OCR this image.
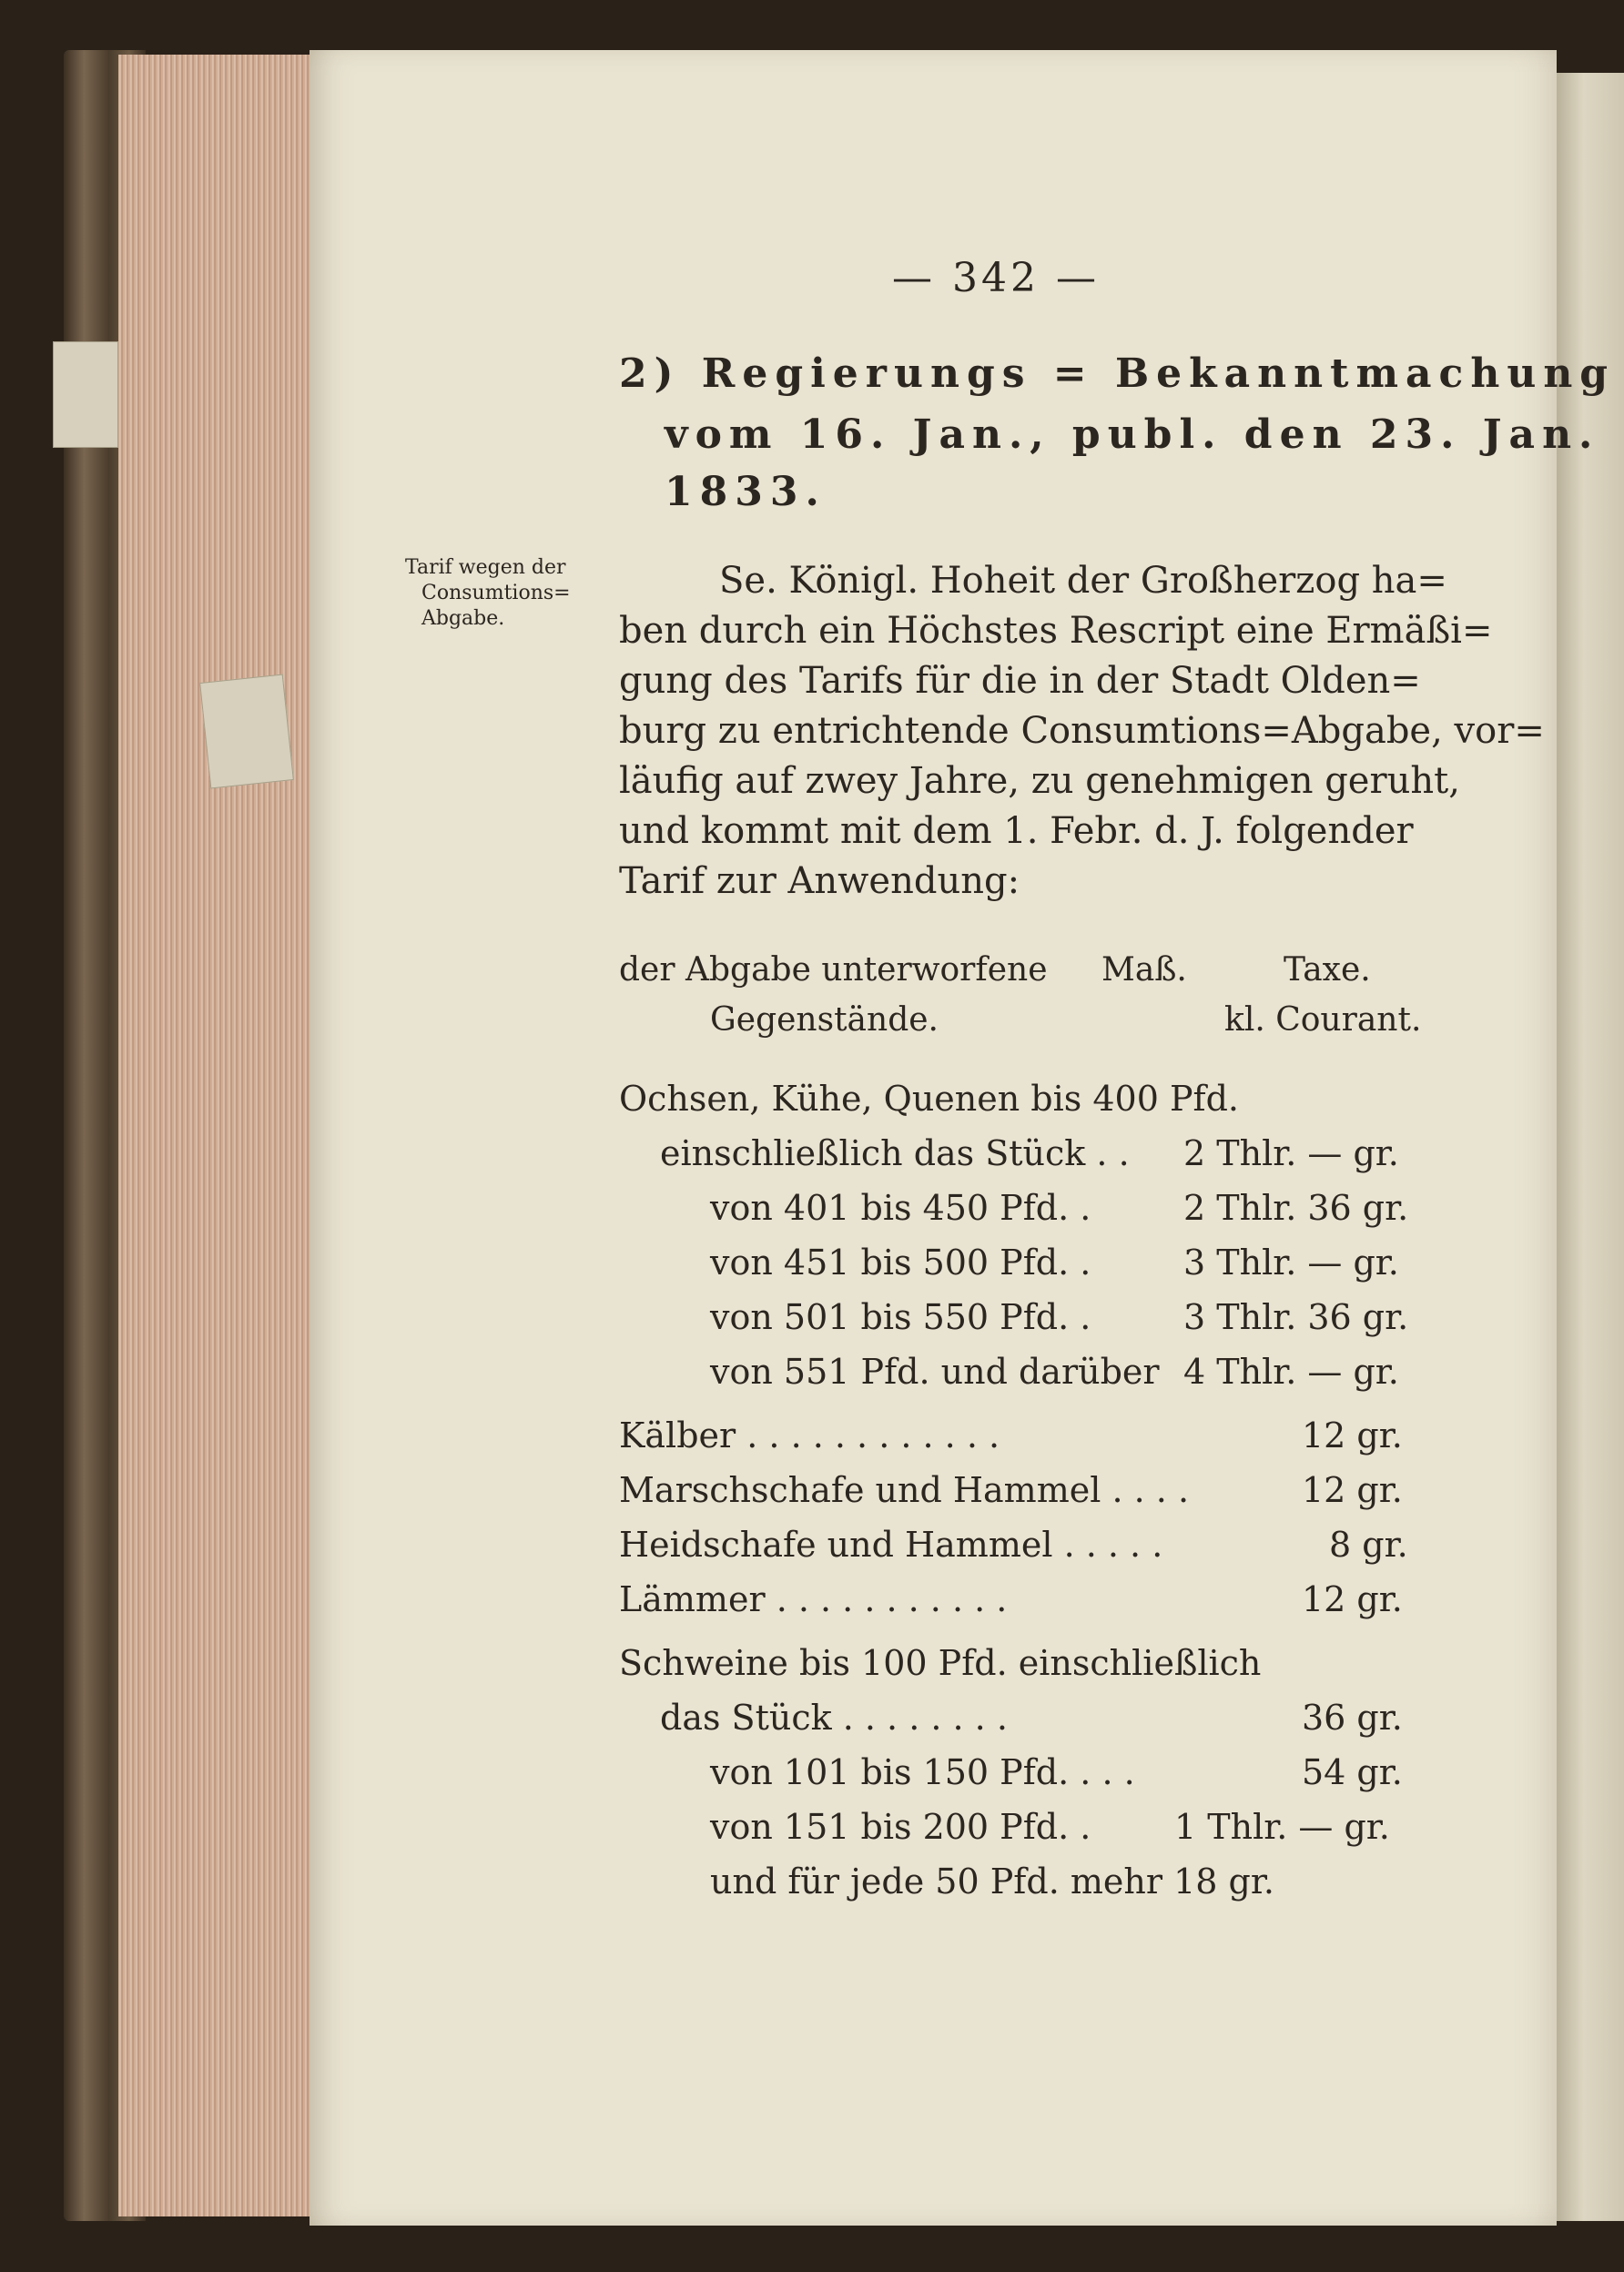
— 342 —
2) Regierungs = Bekanntmachung
vom 16. Jan., publ. den 23. Jan.
1833.
Tarif wegen der
Consumtions=
Abgabe.
Se. Königl. Hoheit der Großherzog ha=
ben durch ein Höchstes Rescript eine Ermäßi=
gung des Tarifs für die in der Stadt Olden=
burg zu entrichtende Consumtions=Abgabe, vor=
läufig auf zwey Jahre, zu genehmigen geruht,
und kommt mit dem 1. Febr. d. J. folgender
Tarif zur Anwendung:
der Abgabe unterworfene
Gegenstände.
Maß.	Taxe.
kl. Courant.
Ochsen, Kühe, Quenen bis 400 Pfd.
einschließlich das Stück . . 2 Thlr. — gr.
von 401 bis 450 Pfd. .	2 Thlr. 36 gr.
von 451 bis 500 Pfd. .	3 Thlr. — gr.
von 501 bis 550 Pfd. .	3 Thlr. 36 gr.
von 551 Pfd. und darüber 4 Thlr. — gr.
Kälber . . . . . . . . . . . .	12 gr.
Marschschafe und Hammel . . . .	12 gr.
Heidschafe und Hammel . . . . .	8 gr.
Lämmer . . . . . . . . . . .	12 gr.
Schweine bis 100 Pfd. einschließlich
das Stück . . . . . . . .	36 gr.
von 101 bis 150 Pfd. . . .	54 gr.
von 151 bis 200 Pfd. . 1 Thlr. — gr.
und für jede 50 Pfd. mehr 18 gr.
